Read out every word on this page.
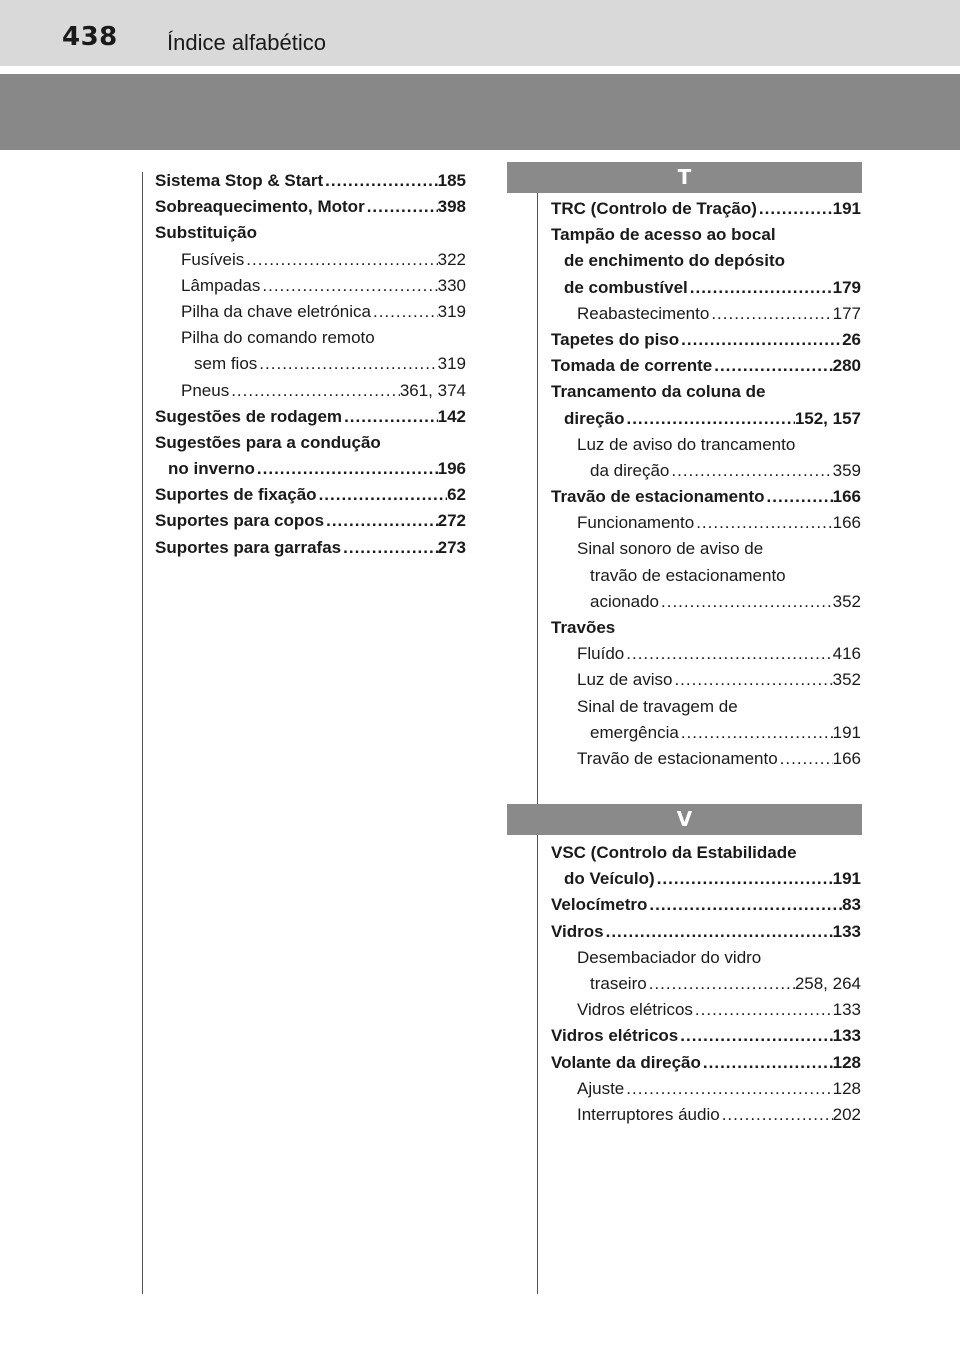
438 Índice alfabético
Sistema Stop & Start .....	185
Sobreaquecimento, Motor .....	398
Substituição
Fusíveis .....	322
Lâmpadas .....	330
Pilha da chave eletrónica .....	319
Pilha do comando remoto
sem fios .....	319
Pneus .....	361, 374
Sugestões de rodagem .....	142
Sugestões para a condução
no inverno .....	196
Suportes de fixação .....	62
Suportes para copos .....	272
Suportes para garrafas .....	273
T
TRC (Controlo de Tração) .....	191
Tampão de acesso ao bocal
de enchimento do depósito
de combustível .....	179
Reabastecimento .....	177
Tapetes do piso .....	26
Tomada de corrente .....	280
Trancamento da coluna de
direção .....	152, 157
Luz de aviso do trancamento
da direção .....	359
Travão de estacionamento .....	166
Funcionamento .....	166
Sinal sonoro de aviso de
travão de estacionamento
acionado .....	352
Travões
Fluído .....	416
Luz de aviso .....	352
Sinal de travagem de
emergência .....	191
Travão de estacionamento .....	166
V
VSC (Controlo da Estabilidade
do Veículo) .....	191
Velocímetro .....	83
Vidros .....	133
Desembaciador do vidro
traseiro .....	258, 264
Vidros elétricos .....	133
Vidros elétricos .....	133
Volante da direção .....	128
Ajuste .....	128
Interruptores áudio .....	202
